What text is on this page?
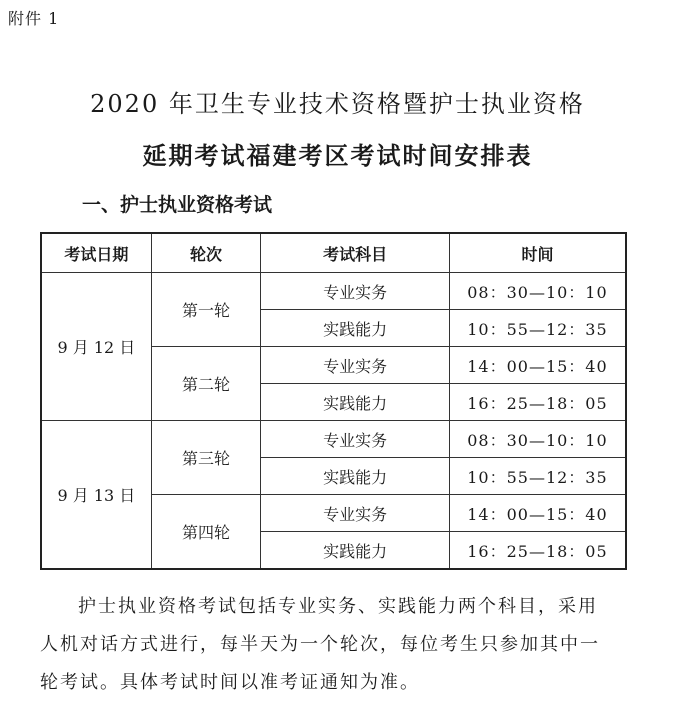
附件 1
2020 年卫生专业技术资格暨护士执业资格
延期考试福建考区考试时间安排表
一、护士执业资格考试
考试日期	轮次	考试科目	时间
9 月 12 日	第一轮	专业实务	08：30—10：10
		实践能力	10：55—12：35
	第二轮	专业实务	14：00—15：40
		实践能力	16：25—18：05
9 月 13 日	第三轮	专业实务	08：30—10：10
		实践能力	10：55—12：35
	第四轮	专业实务	14：00—15：40
		实践能力	16：25—18：05
护士执业资格考试包括专业实务、实践能力两个科目，采用
人机对话方式进行，每半天为一个轮次，每位考生只参加其中一
轮考试。具体考试时间以准考证通知为准。
